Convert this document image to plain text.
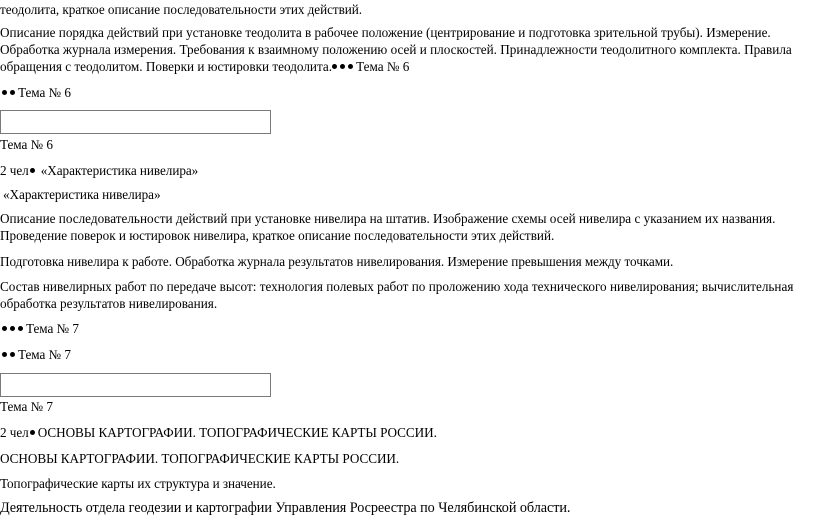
теодолита, краткое описание последовательности этих действий.

Описание порядка действий при установке теодолита в рабочее положение (центрирование и подготовка зрительной трубы). Измерение. Обработка журнала измерения. Требования к взаимному положению осей и плоскостей. Принадлежности теодолитного комплекта. Правила обращения с теодолитом. Поверки и юстировки теодолита. Тема № 6

Тема № 6

Тема № 6

2 чел «Характеристика нивелира»

«Характеристика нивелира»

Описание последовательности действий при установке нивелира на штатив. Изображение схемы осей нивелира с указанием их названия. Проведение поверок и юстировок нивелира, краткое описание последовательности этих действий.

Подготовка нивелира к работе. Обработка журнала результатов нивелирования. Измерение превышения между точками.

Состав нивелирных работ по передаче высот: технология полевых работ по проложению хода технического нивелирования; вычислительная обработка результатов нивелирования.

Тема № 7

Тема № 7

Тема № 7

2 чел ОСНОВЫ КАРТОГРАФИИ. ТОПОГРАФИЧЕСКИЕ КАРТЫ РОССИИ.

ОСНОВЫ КАРТОГРАФИИ. ТОПОГРАФИЧЕСКИЕ КАРТЫ РОССИИ.

Топографические карты их структура и значение.

Деятельность отдела геодезии и картографии Управления Росреестра по Челябинской области.
